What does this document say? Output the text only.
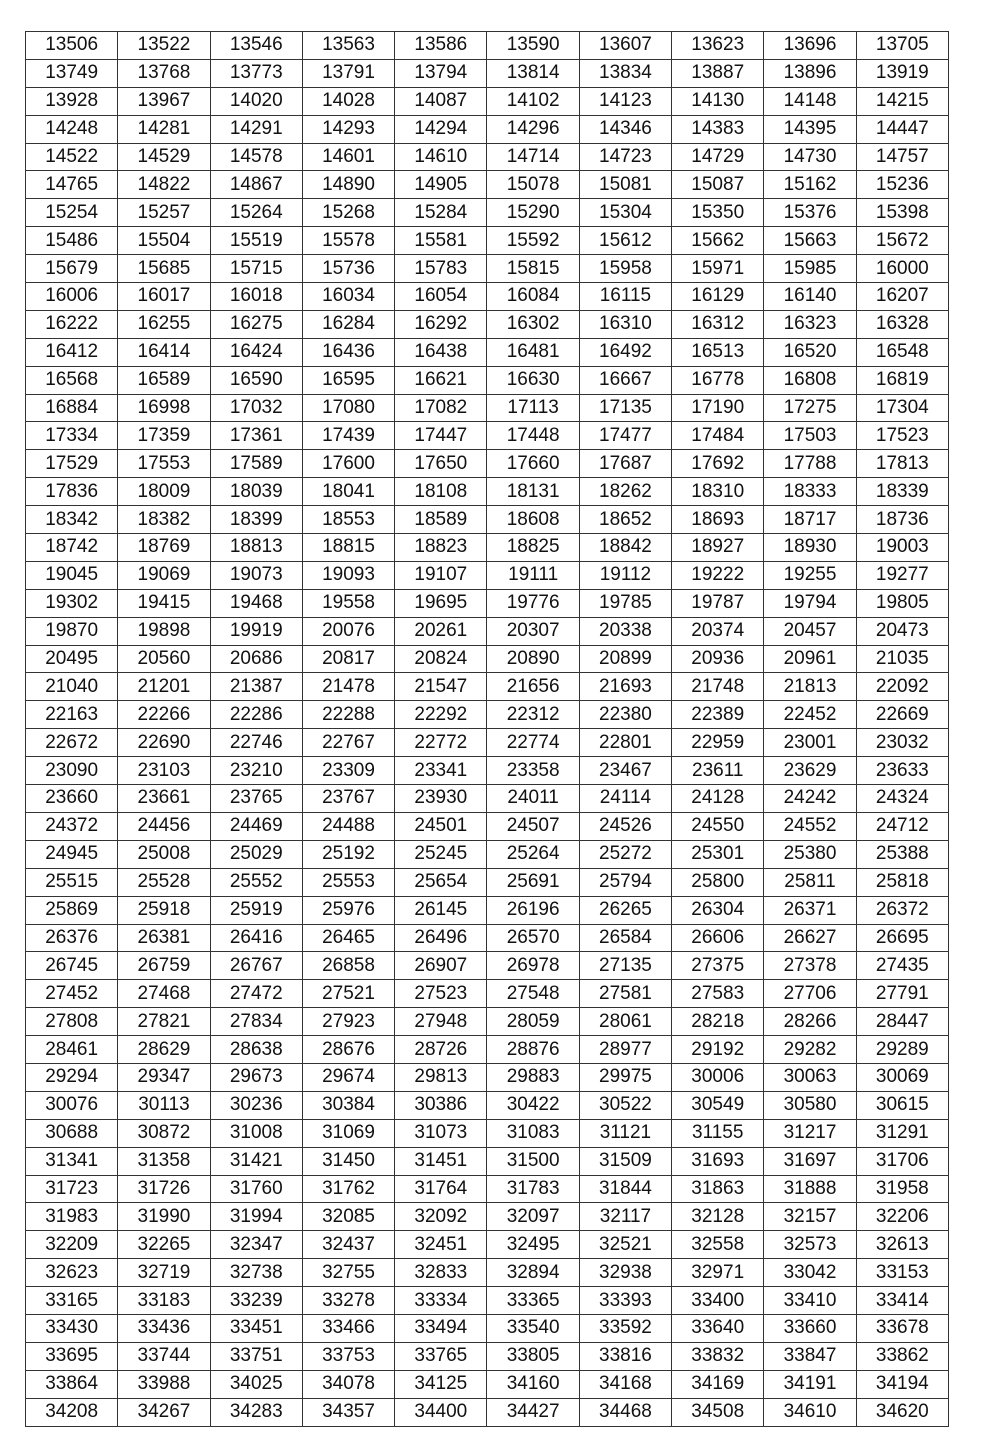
13506	13522	13546	13563	13586	13590	13607	13623	13696	13705
13749	13768	13773	13791	13794	13814	13834	13887	13896	13919
13928	13967	14020	14028	14087	14102	14123	14130	14148	14215
14248	14281	14291	14293	14294	14296	14346	14383	14395	14447
14522	14529	14578	14601	14610	14714	14723	14729	14730	14757
14765	14822	14867	14890	14905	15078	15081	15087	15162	15236
15254	15257	15264	15268	15284	15290	15304	15350	15376	15398
15486	15504	15519	15578	15581	15592	15612	15662	15663	15672
15679	15685	15715	15736	15783	15815	15958	15971	15985	16000
16006	16017	16018	16034	16054	16084	16115	16129	16140	16207
16222	16255	16275	16284	16292	16302	16310	16312	16323	16328
16412	16414	16424	16436	16438	16481	16492	16513	16520	16548
16568	16589	16590	16595	16621	16630	16667	16778	16808	16819
16884	16998	17032	17080	17082	17113	17135	17190	17275	17304
17334	17359	17361	17439	17447	17448	17477	17484	17503	17523
17529	17553	17589	17600	17650	17660	17687	17692	17788	17813
17836	18009	18039	18041	18108	18131	18262	18310	18333	18339
18342	18382	18399	18553	18589	18608	18652	18693	18717	18736
18742	18769	18813	18815	18823	18825	18842	18927	18930	19003
19045	19069	19073	19093	19107	19111	19112	19222	19255	19277
19302	19415	19468	19558	19695	19776	19785	19787	19794	19805
19870	19898	19919	20076	20261	20307	20338	20374	20457	20473
20495	20560	20686	20817	20824	20890	20899	20936	20961	21035
21040	21201	21387	21478	21547	21656	21693	21748	21813	22092
22163	22266	22286	22288	22292	22312	22380	22389	22452	22669
22672	22690	22746	22767	22772	22774	22801	22959	23001	23032
23090	23103	23210	23309	23341	23358	23467	23611	23629	23633
23660	23661	23765	23767	23930	24011	24114	24128	24242	24324
24372	24456	24469	24488	24501	24507	24526	24550	24552	24712
24945	25008	25029	25192	25245	25264	25272	25301	25380	25388
25515	25528	25552	25553	25654	25691	25794	25800	25811	25818
25869	25918	25919	25976	26145	26196	26265	26304	26371	26372
26376	26381	26416	26465	26496	26570	26584	26606	26627	26695
26745	26759	26767	26858	26907	26978	27135	27375	27378	27435
27452	27468	27472	27521	27523	27548	27581	27583	27706	27791
27808	27821	27834	27923	27948	28059	28061	28218	28266	28447
28461	28629	28638	28676	28726	28876	28977	29192	29282	29289
29294	29347	29673	29674	29813	29883	29975	30006	30063	30069
30076	30113	30236	30384	30386	30422	30522	30549	30580	30615
30688	30872	31008	31069	31073	31083	31121	31155	31217	31291
31341	31358	31421	31450	31451	31500	31509	31693	31697	31706
31723	31726	31760	31762	31764	31783	31844	31863	31888	31958
31983	31990	31994	32085	32092	32097	32117	32128	32157	32206
32209	32265	32347	32437	32451	32495	32521	32558	32573	32613
32623	32719	32738	32755	32833	32894	32938	32971	33042	33153
33165	33183	33239	33278	33334	33365	33393	33400	33410	33414
33430	33436	33451	33466	33494	33540	33592	33640	33660	33678
33695	33744	33751	33753	33765	33805	33816	33832	33847	33862
33864	33988	34025	34078	34125	34160	34168	34169	34191	34194
34208	34267	34283	34357	34400	34427	34468	34508	34610	34620
